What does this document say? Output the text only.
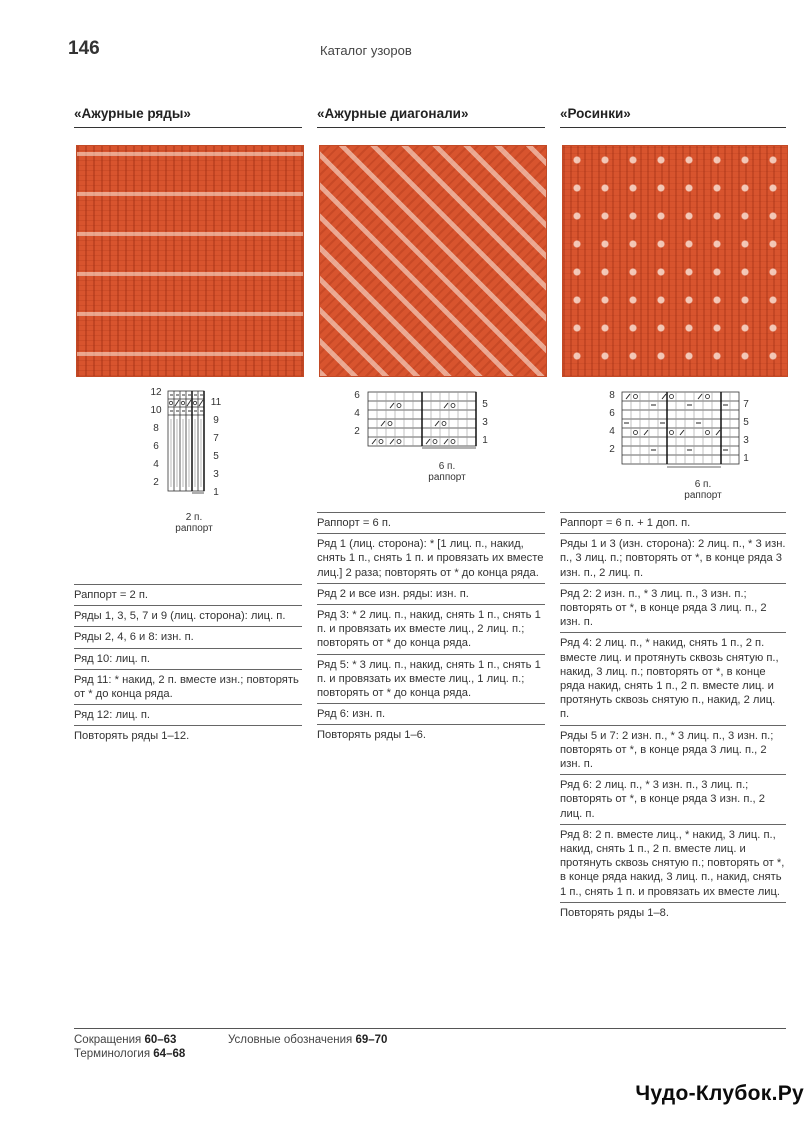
146	Каталог узоров
«Ажурные ряды»	«Ажурные диагонали»	«Росинки»
12
10
8
6
4
2
11
9
7
5
3
1
2 п.
раппорт
6
4
2
5
3
1
6 п.
раппорт
8
6
4
2
7
5
3
1
6 п.
раппорт
Раппорт = 2 п.
Ряды 1, 3, 5, 7 и 9 (лиц. сторона): лиц. п.
Ряды 2, 4, 6 и 8: изн. п.
Ряд 10: лиц. п.
Ряд 11: * накид, 2 п. вместе изн.; повторять от * до конца ряда.
Ряд 12: лиц. п.
Повторять ряды 1–12.
Раппорт = 6 п.
Ряд 1 (лиц. сторона): * [1 лиц. п., накид, снять 1 п., снять 1 п. и провязать их вместе лиц.] 2 раза; повторять от * до конца ряда.
Ряд 2 и все изн. ряды: изн. п.
Ряд 3: * 2 лиц. п., накид, снять 1 п., снять 1 п. и провязать их вместе лиц., 2 лиц. п.; повторять от * до конца ряда.
Ряд 5: * 3 лиц. п., накид, снять 1 п., снять 1 п. и провязать их вместе лиц., 1 лиц. п.; повторять от * до конца ряда.
Ряд 6: изн. п.
Повторять ряды 1–6.
Раппорт = 6 п. + 1 доп. п.
Ряды 1 и 3 (изн. сторона): 2 лиц. п., * 3 изн. п., 3 лиц. п.; повторять от *, в конце ряда 3 изн. п., 2 лиц. п.
Ряд 2: 2 изн. п., * 3 лиц. п., 3 изн. п.; повторять от *, в конце ряда 3 лиц. п., 2 изн. п.
Ряд 4: 2 лиц. п., * накид, снять 1 п., 2 п. вместе лиц. и протянуть сквозь снятую п., накид, 3 лиц. п.; повторять от *, в конце ряда накид, снять 1 п., 2 п. вместе лиц. и протянуть сквозь снятую п., накид, 2 лиц. п.
Ряды 5 и 7: 2 изн. п., * 3 лиц. п., 3 изн. п.; повторять от *, в конце ряда 3 лиц. п., 2 изн. п.
Ряд 6: 2 лиц. п., * 3 изн. п., 3 лиц. п.; повторять от *, в конце ряда 3 изн. п., 2 лиц. п.
Ряд 8: 2 п. вместе лиц., * накид, 3 лиц. п., накид, снять 1 п., 2 п. вместе лиц. и протянуть сквозь снятую п.; повторять от *, в конце ряда накид, 3 лиц. п., накид, снять 1 п., снять 1 п. и провязать их вместе лиц.
Повторять ряды 1–8.
Сокращения 60–63
Терминология 64–68
Условные обозначения 69–70
Чудо-Клубок.Ру
